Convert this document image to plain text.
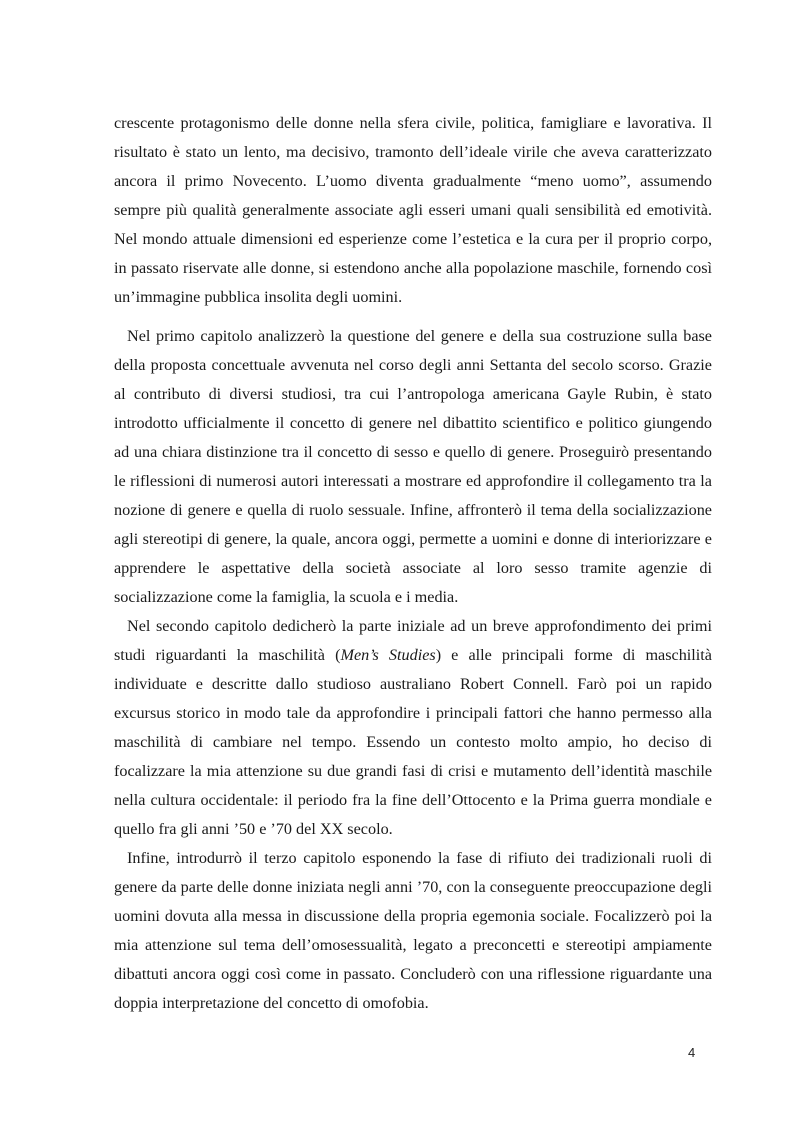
crescente protagonismo delle donne nella sfera civile, politica, famigliare e lavorativa. Il risultato è stato un lento, ma decisivo, tramonto dell’ideale virile che aveva caratterizzato ancora il primo Novecento. L’uomo diventa gradualmente “meno uomo”, assumendo sempre più qualità generalmente associate agli esseri umani quali sensibilità ed emotività. Nel mondo attuale dimensioni ed esperienze come l’estetica e la cura per il proprio corpo, in passato riservate alle donne, si estendono anche alla popolazione maschile, fornendo così un’immagine pubblica insolita degli uomini.

Nel primo capitolo analizzerò la questione del genere e della sua costruzione sulla base della proposta concettuale avvenuta nel corso degli anni Settanta del secolo scorso. Grazie al contributo di diversi studiosi, tra cui l’antropologa americana Gayle Rubin, è stato introdotto ufficialmente il concetto di genere nel dibattito scientifico e politico giungendo ad una chiara distinzione tra il concetto di sesso e quello di genere. Proseguirò presentando le riflessioni di numerosi autori interessati a mostrare ed approfondire il collegamento tra la nozione di genere e quella di ruolo sessuale. Infine, affronterò il tema della socializzazione agli stereotipi di genere, la quale, ancora oggi, permette a uomini e donne di interiorizzare e apprendere le aspettative della società associate al loro sesso tramite agenzie di socializzazione come la famiglia, la scuola e i media.

Nel secondo capitolo dedicherò la parte iniziale ad un breve approfondimento dei primi studi riguardanti la maschilità (Men’s Studies) e alle principali forme di maschilità individuate e descritte dallo studioso australiano Robert Connell. Farò poi un rapido excursus storico in modo tale da approfondire i principali fattori che hanno permesso alla maschilità di cambiare nel tempo. Essendo un contesto molto ampio, ho deciso di focalizzare la mia attenzione su due grandi fasi di crisi e mutamento dell’identità maschile nella cultura occidentale: il periodo fra la fine dell’Ottocento e la Prima guerra mondiale e quello fra gli anni ’50 e ’70 del XX secolo.

Infine, introdurrò il terzo capitolo esponendo la fase di rifiuto dei tradizionali ruoli di genere da parte delle donne iniziata negli anni ’70, con la conseguente preoccupazione degli uomini dovuta alla messa in discussione della propria egemonia sociale. Focalizzerò poi la mia attenzione sul tema dell’omosessualità, legato a preconcetti e stereotipi ampiamente dibattuti ancora oggi così come in passato. Concluderò con una riflessione riguardante una doppia interpretazione del concetto di omofobia.

4
